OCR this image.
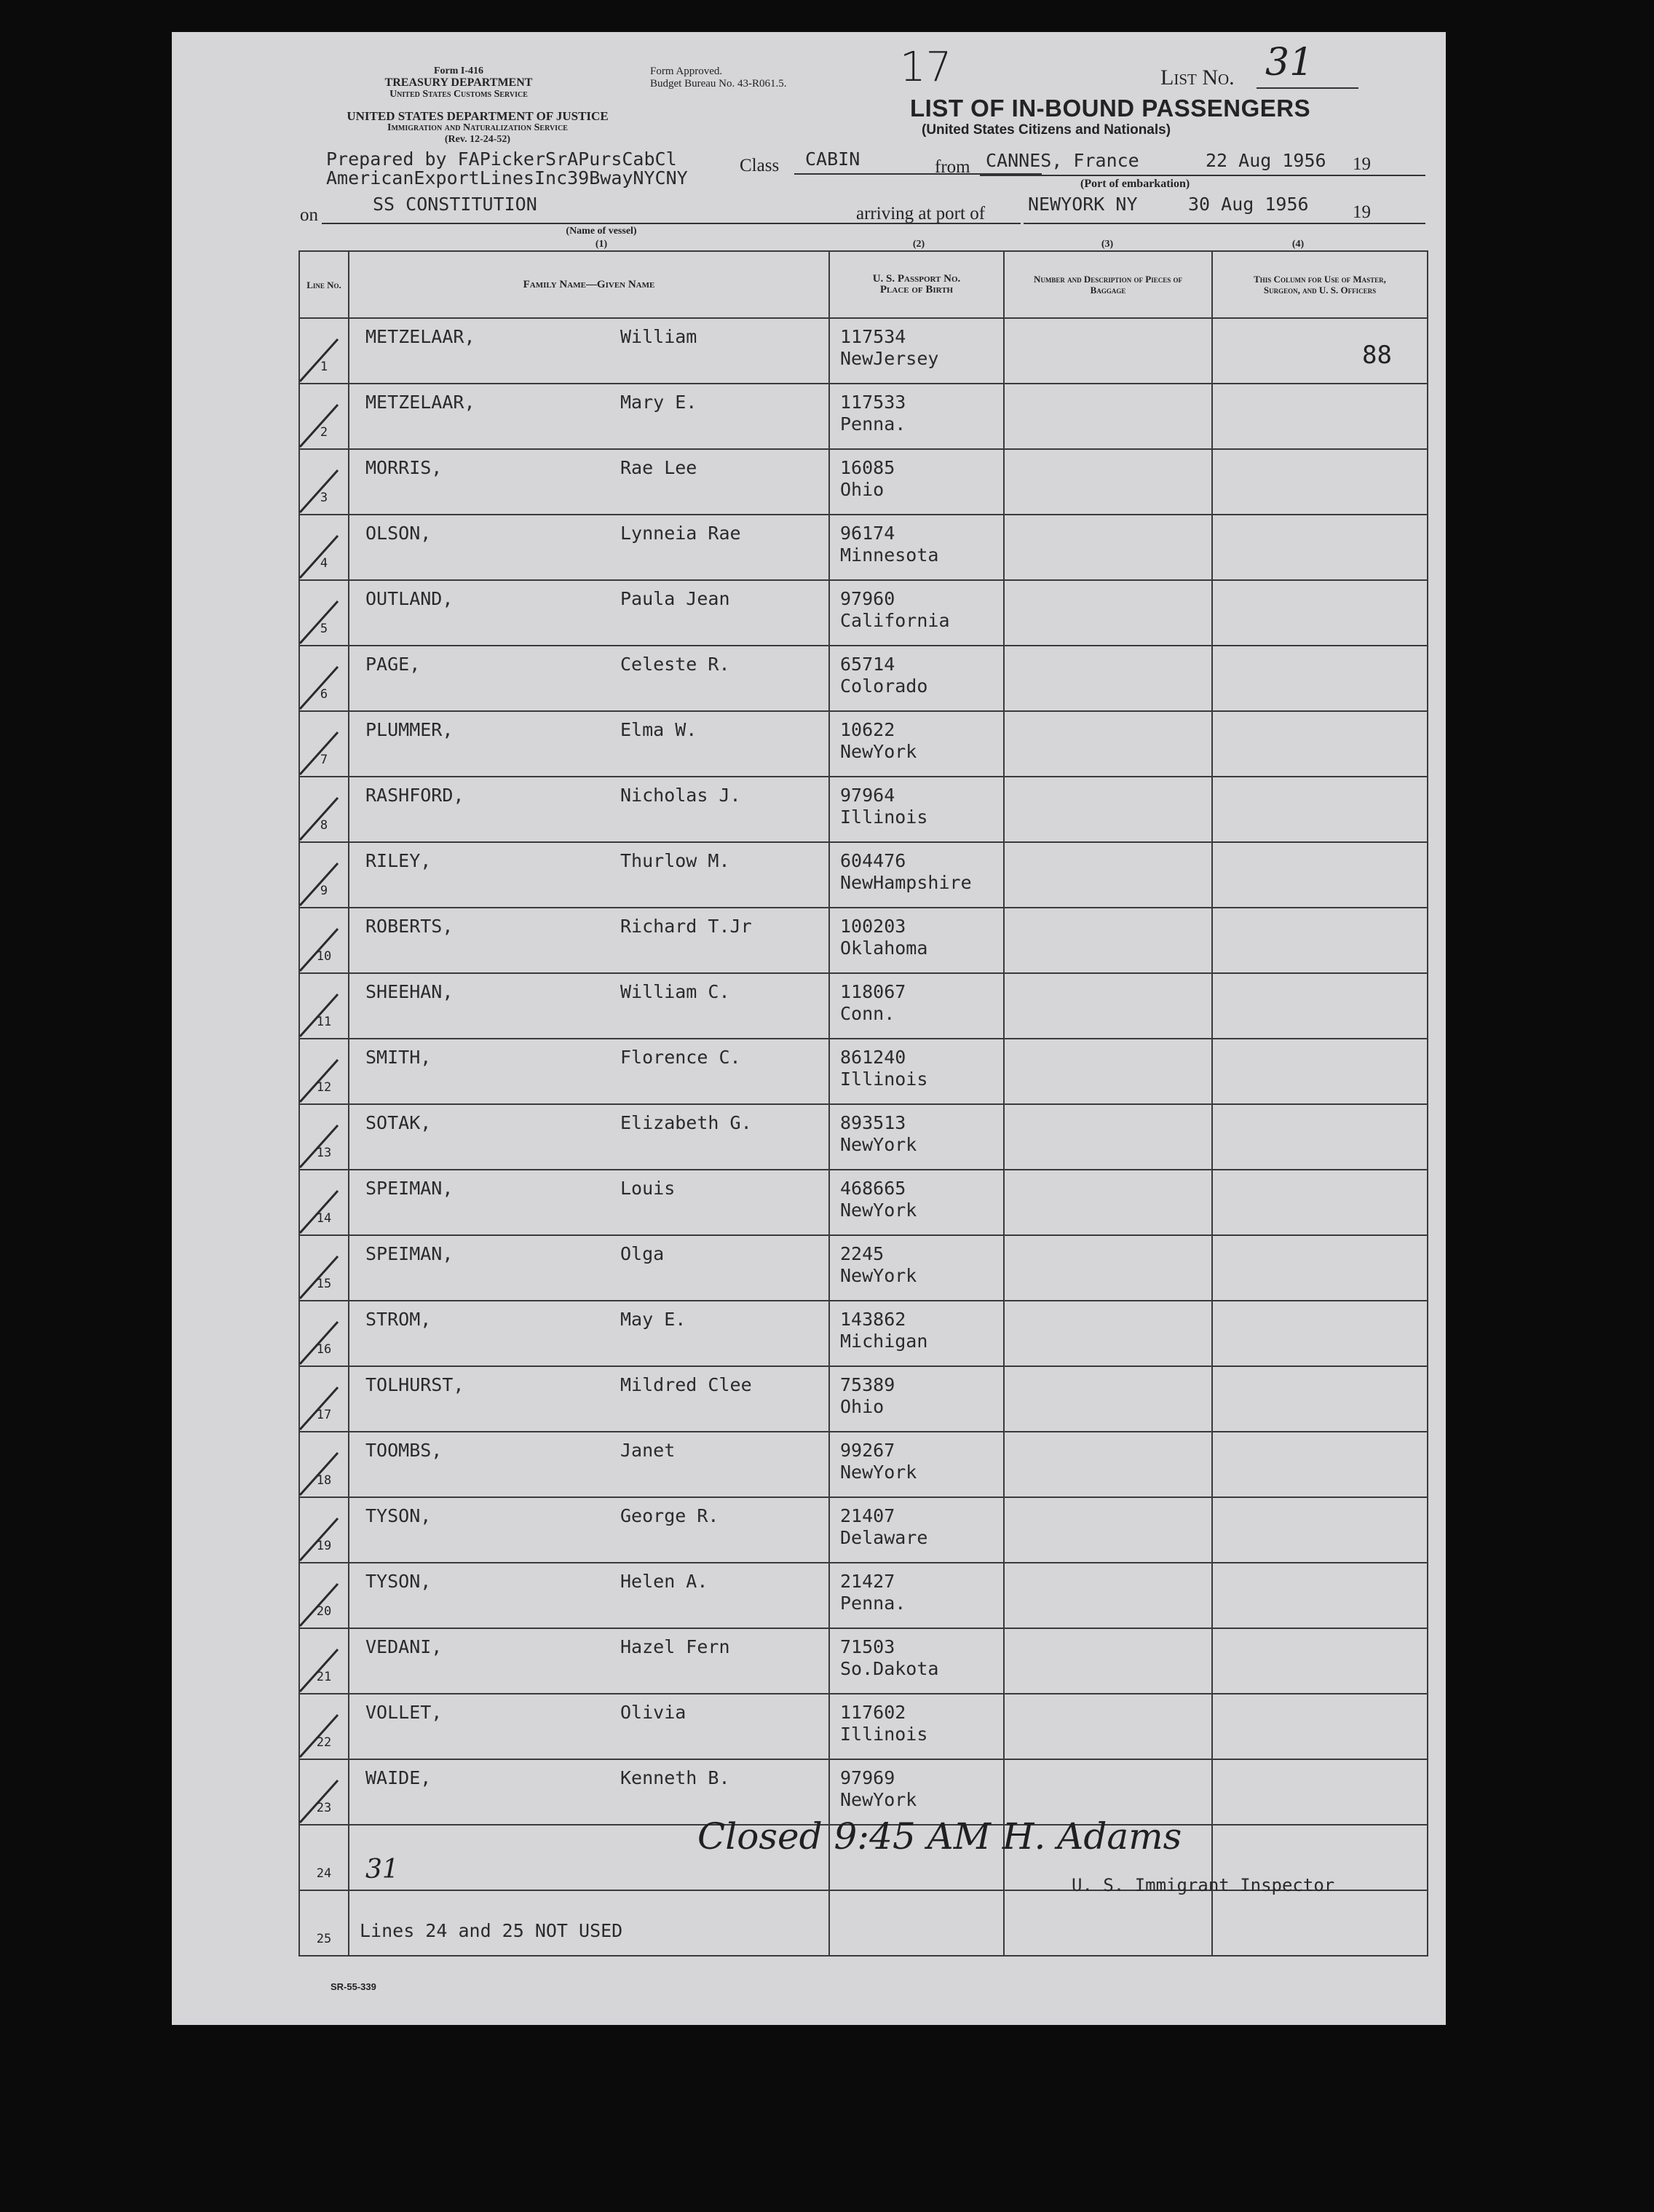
Form I-416
TREASURY DEPARTMENT
United States Customs Service
Form Approved.
Budget Bureau No. 43-R061.5.
UNITED STATES DEPARTMENT OF JUSTICE
Immigration and Naturalization Service
(Rev. 12-24-52)
17	List No. 31
LIST OF IN-BOUND PASSENGERS
(United States Citizens and Nationals)
Prepared by FAPickerSrAPursCabCl
AmericanExportLinesInc39BwayNYCNY
Class CABIN	from CANNES, France	22 Aug 1956 19
(Port of embarkation)
on
SS CONSTITUTION
(Name of vessel)
(1)
arriving at port of NEWYORK NY	30 Aug 1956 19
(2)	(3)	(4)
Line No.	Family Name—Given Name	U. S. Passport No. Place of Birth	Number and Description of Pieces of Baggage	This Column for Use of Master, Surgeon, and U. S. Officers

1	METZELAAR, William	117534
NewJersey		88

2	METZELAAR, Mary E.	117533
Penna.		

3	MORRIS, Rae Lee	16085
Ohio		

4	OLSON, Lynneia Rae	96174
Minnesota		

5	OUTLAND, Paula Jean	97960
California		

6	PAGE, Celeste R.	65714
Colorado		

7	PLUMMER, Elma W.	10622
NewYork		

8	RASHFORD, Nicholas J.	97964
Illinois		

9	RILEY, Thurlow M.	604476
NewHampshire		

10	ROBERTS, Richard T.Jr	100203
Oklahoma		

11	SHEEHAN, William C.	118067
Conn.		

12	SMITH, Florence C.	861240
Illinois		

13	SOTAK, Elizabeth G.	893513
NewYork		

14	SPEIMAN, Louis	468665
NewYork		

15	SPEIMAN, Olga	2245
NewYork		

16	STROM, May E.	143862
Michigan		

17	TOLHURST, Mildred Clee	75389
Ohio		

18	TOOMBS, Janet	99267
NewYork		

19	TYSON, George R.	21407
Delaware		

20	TYSON, Helen A.	21427
Penna.		

21	VEDANI, Hazel Fern	71503
So.Dakota		

22	VOLLET, Olivia	117602
Illinois		

23	WAIDE, Kenneth B.	97969
NewYork		

24	31
Closed 9:45 AM H. Adams			

25	Lines 24 and 25 NOT USED			

U. S. Immigrant Inspector
SR-55-339
